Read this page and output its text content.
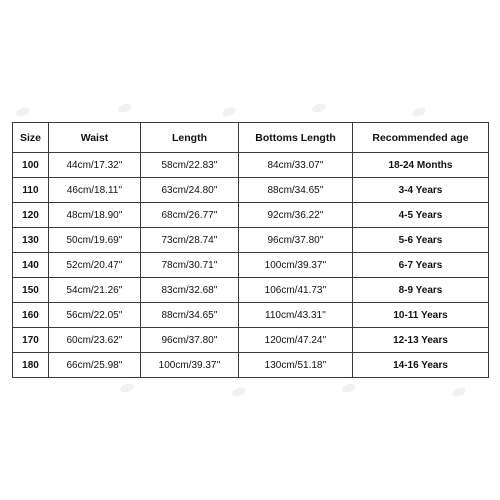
Size	Waist	Length	Bottoms Length	Recommended age
100	44cm/17.32''	58cm/22.83''	84cm/33.07''	18-24 Months
110	46cm/18.11''	63cm/24.80''	88cm/34.65''	3-4 Years
120	48cm/18.90''	68cm/26.77''	92cm/36.22''	4-5 Years
130	50cm/19.69''	73cm/28.74''	96cm/37.80''	5-6 Years
140	52cm/20.47''	78cm/30.71''	100cm/39.37''	6-7 Years
150	54cm/21.26''	83cm/32.68''	106cm/41.73''	8-9 Years
160	56cm/22.05''	88cm/34.65''	110cm/43.31''	10-11 Years
170	60cm/23.62''	96cm/37.80''	120cm/47.24''	12-13 Years
180	66cm/25.98''	100cm/39.37''	130cm/51.18''	14-16 Years
